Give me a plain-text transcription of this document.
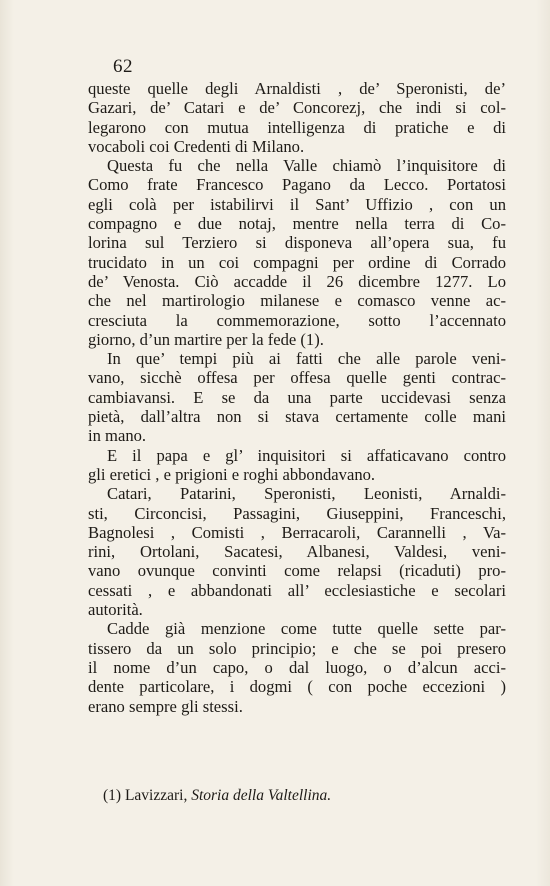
62
queste quelle degli Arnaldisti , de’ Speronisti, de’
Gazari, de’ Catari e de’ Concorezj, che indi si col-
legarono con mutua intelligenza di pratiche e di
vocaboli coi Credenti di Milano.
Questa fu che nella Valle chiamò l’inquisitore di
Como frate Francesco Pagano da Lecco. Portatosi
egli colà per istabilirvi il Sant’ Uffizio , con un
compagno e due notaj, mentre nella terra di Co-
lorina sul Terziero si disponeva all’opera sua, fu
trucidato in un coi compagni per ordine di Corrado
de’ Venosta. Ciò accadde il 26 dicembre 1277. Lo
che nel martirologio milanese e comasco venne ac-
cresciuta la commemorazione, sotto l’accennato
giorno, d’un martire per la fede (1).
In que’ tempi più ai fatti che alle parole veni-
vano, sicchè offesa per offesa quelle genti contrac-
cambiavansi. E se da una parte uccidevasi senza
pietà, dall’altra non si stava certamente colle mani
in mano.
E il papa e gl’ inquisitori si affaticavano contro
gli eretici , e prigioni e roghi abbondavano.
Catari, Patarini, Speronisti, Leonisti, Arnaldi-
sti, Circoncisi, Passagini, Giuseppini, Franceschi,
Bagnolesi , Comisti , Berracaroli, Carannelli , Va-
rini, Ortolani, Sacatesi, Albanesi, Valdesi, veni-
vano ovunque convinti come relapsi (ricaduti) pro-
cessati , e abbandonati all’ ecclesiastiche e secolari
autorità.
Cadde già menzione come tutte quelle sette par-
tissero da un solo principio; e che se poi presero
il nome d’un capo, o dal luogo, o d’alcun acci-
dente particolare, i dogmi ( con poche eccezioni )
erano sempre gli stessi.
(1) Lavizzari, Storia della Valtellina.
